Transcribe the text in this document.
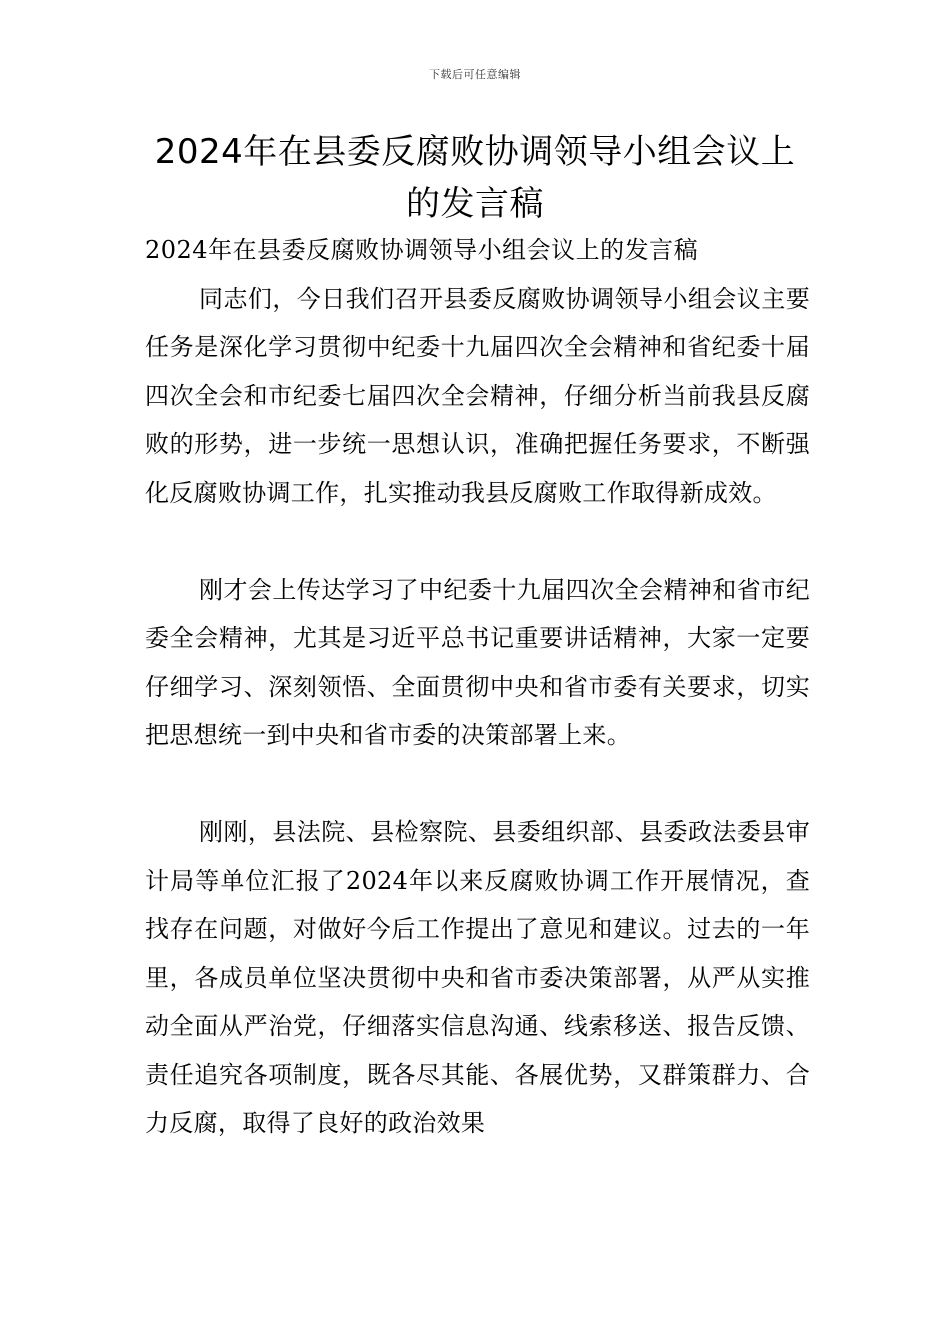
下载后可任意编辑
2024年在县委反腐败协调领导小组会议上
的发言稿

2024年在县委反腐败协调领导小组会议上的发言稿

同志们，今日我们召开县委反腐败协调领导小组会议主要任务是深化学习贯彻中纪委十九届四次全会精神和省纪委十届四次全会和市纪委七届四次全会精神，仔细分析当前我县反腐败的形势，进一步统一思想认识，准确把握任务要求，不断强化反腐败协调工作，扎实推动我县反腐败工作取得新成效。

刚才会上传达学习了中纪委十九届四次全会精神和省市纪委全会精神，尤其是习近平总书记重要讲话精神，大家一定要仔细学习、深刻领悟、全面贯彻中央和省市委有关要求，切实把思想统一到中央和省市委的决策部署上来。

刚刚，县法院、县检察院、县委组织部、县委政法委县审计局等单位汇报了2024年以来反腐败协调工作开展情况，查找存在问题，对做好今后工作提出了意见和建议。过去的一年里，各成员单位坚决贯彻中央和省市委决策部署，从严从实推动全面从严治党，仔细落实信息沟通、线索移送、报告反馈、责任追究各项制度，既各尽其能、各展优势，又群策群力、合力反腐，取得了良好的政治效果
